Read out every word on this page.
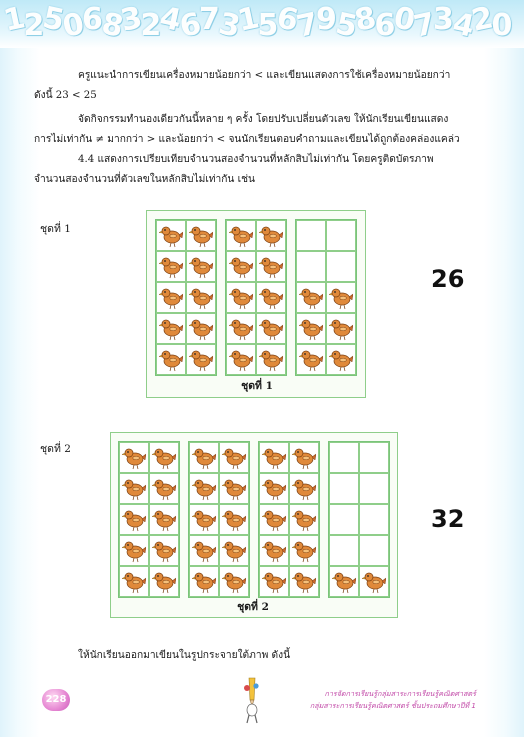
1
2
5
0
6
8
3
2
4
6
7
3
1
5
6
7
9
5
8
6
0
7
3
4
2
0
ครูแนะนำการเขียนเครื่องหมายน้อยกว่า < และเขียนแสดงการใช้เครื่องหมายน้อยกว่า
ดังนี้ 23 < 25
จัดกิจกรรมทำนองเดียวกันนี้หลาย ๆ ครั้ง โดยปรับเปลี่ยนตัวเลข ให้นักเรียนเขียนแสดง
การไม่เท่ากัน ≠ มากกว่า > และน้อยกว่า < จนนักเรียนตอบคำถามและเขียนได้ถูกต้องคล่องแคล่ว
4.4 แสดงการเปรียบเทียบจำนวนสองจำนวนที่หลักสิบไม่เท่ากัน โดยครูติดบัตรภาพ
จำนวนสองจำนวนที่ตัวเลขในหลักสิบไม่เท่ากัน เช่น
ชุดที่ 1
ชุดที่ 1
26
ชุดที่ 2
ชุดที่ 2
32
ให้นักเรียนออกมาเขียนในรูปกระจายใต้ภาพ ดังนี้
228
การจัดการเรียนรู้กลุ่มสาระการเรียนรู้คณิตศาสตร์
กลุ่มสาระการเรียนรู้คณิตศาสตร์ ชั้นประถมศึกษาปีที่ 1
